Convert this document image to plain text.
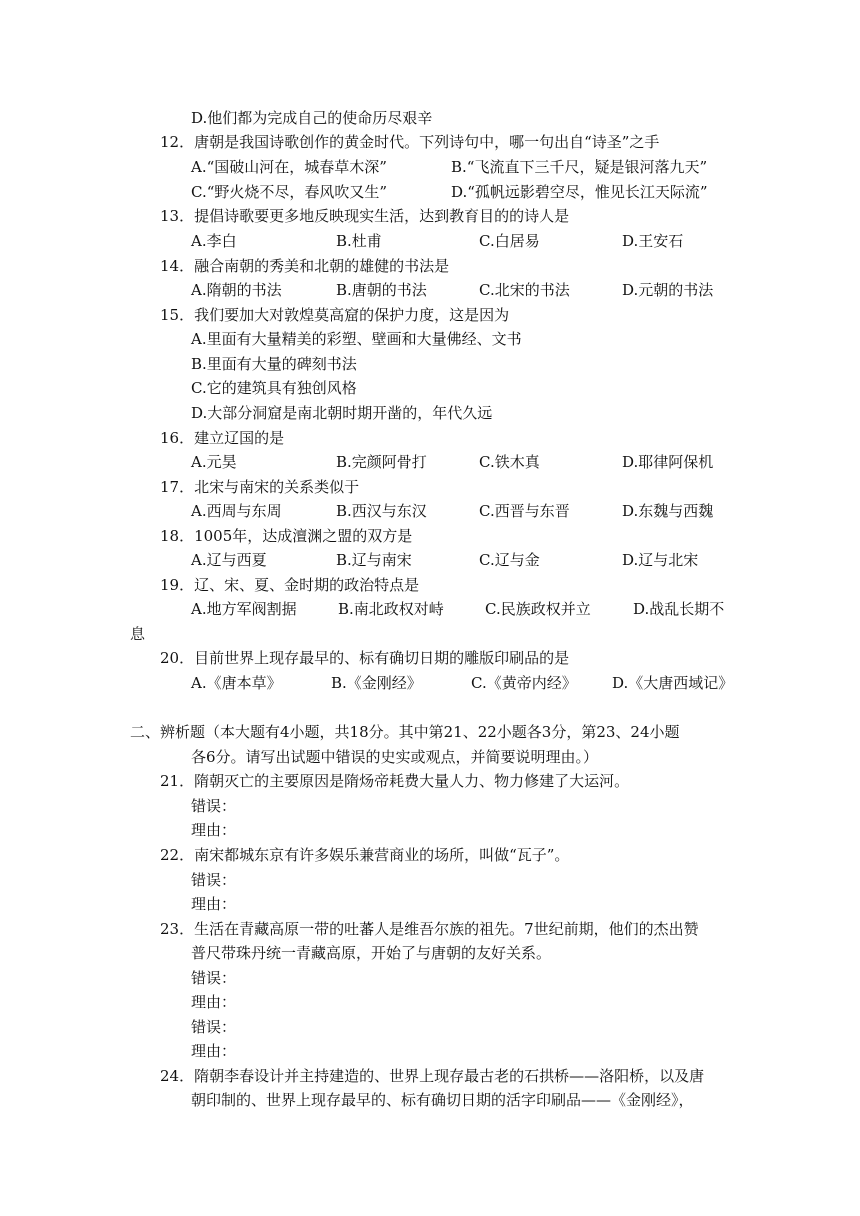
D.他们都为完成自己的使命历尽艰辛
12．唐朝是我国诗歌创作的黄金时代。下列诗句中，哪一句出自“诗圣”之手
A.“国破山河在，城春草木深”	B.“飞流直下三千尺，疑是银河落九天”
C.“野火烧不尽，春风吹又生”	D.“孤帆远影碧空尽，惟见长江天际流”
13．提倡诗歌要更多地反映现实生活，达到教育目的的诗人是
A.李白	B.杜甫	C.白居易	D.王安石
14．融合南朝的秀美和北朝的雄健的书法是
A.隋朝的书法	B.唐朝的书法	C.北宋的书法	D.元朝的书法
15．我们要加大对敦煌莫高窟的保护力度，这是因为
A.里面有大量精美的彩塑、壁画和大量佛经、文书
B.里面有大量的碑刻书法
C.它的建筑具有独创风格
D.大部分洞窟是南北朝时期开凿的，年代久远
16．建立辽国的是
A.元昊	B.完颜阿骨打	C.铁木真	D.耶律阿保机
17．北宋与南宋的关系类似于
A.西周与东周	B.西汉与东汉	C.西晋与东晋	D.东魏与西魏
18．1005年，达成澶渊之盟的双方是
A.辽与西夏	B.辽与南宋	C.辽与金	D.辽与北宋
19．辽、宋、夏、金时期的政治特点是
A.地方军阀割据	B.南北政权对峙	C.民族政权并立	D.战乱长期不
息
20．目前世界上现存最早的、标有确切日期的雕版印刷品的是
A.《唐本草》	B.《金刚经》	C.《黄帝内经》 D.《大唐西域记》
二、辨析题（本大题有4小题，共18分。其中第21、22小题各3分，第23、24小题
各6分。请写出试题中错误的史实或观点，并简要说明理由。）
21．隋朝灭亡的主要原因是隋炀帝耗费大量人力、物力修建了大运河。
错误：
理由：
22．南宋都城东京有许多娱乐兼营商业的场所，叫做“瓦子”。
错误：
理由：
23．生活在青藏高原一带的吐蕃人是维吾尔族的祖先。7世纪前期，他们的杰出赞
普尺带珠丹统一青藏高原，开始了与唐朝的友好关系。
错误：
理由：
错误：
理由：
24．隋朝李春设计并主持建造的、世界上现存最古老的石拱桥——洛阳桥，以及唐
朝印制的、世界上现存最早的、标有确切日期的活字印刷品——《金刚经》，
